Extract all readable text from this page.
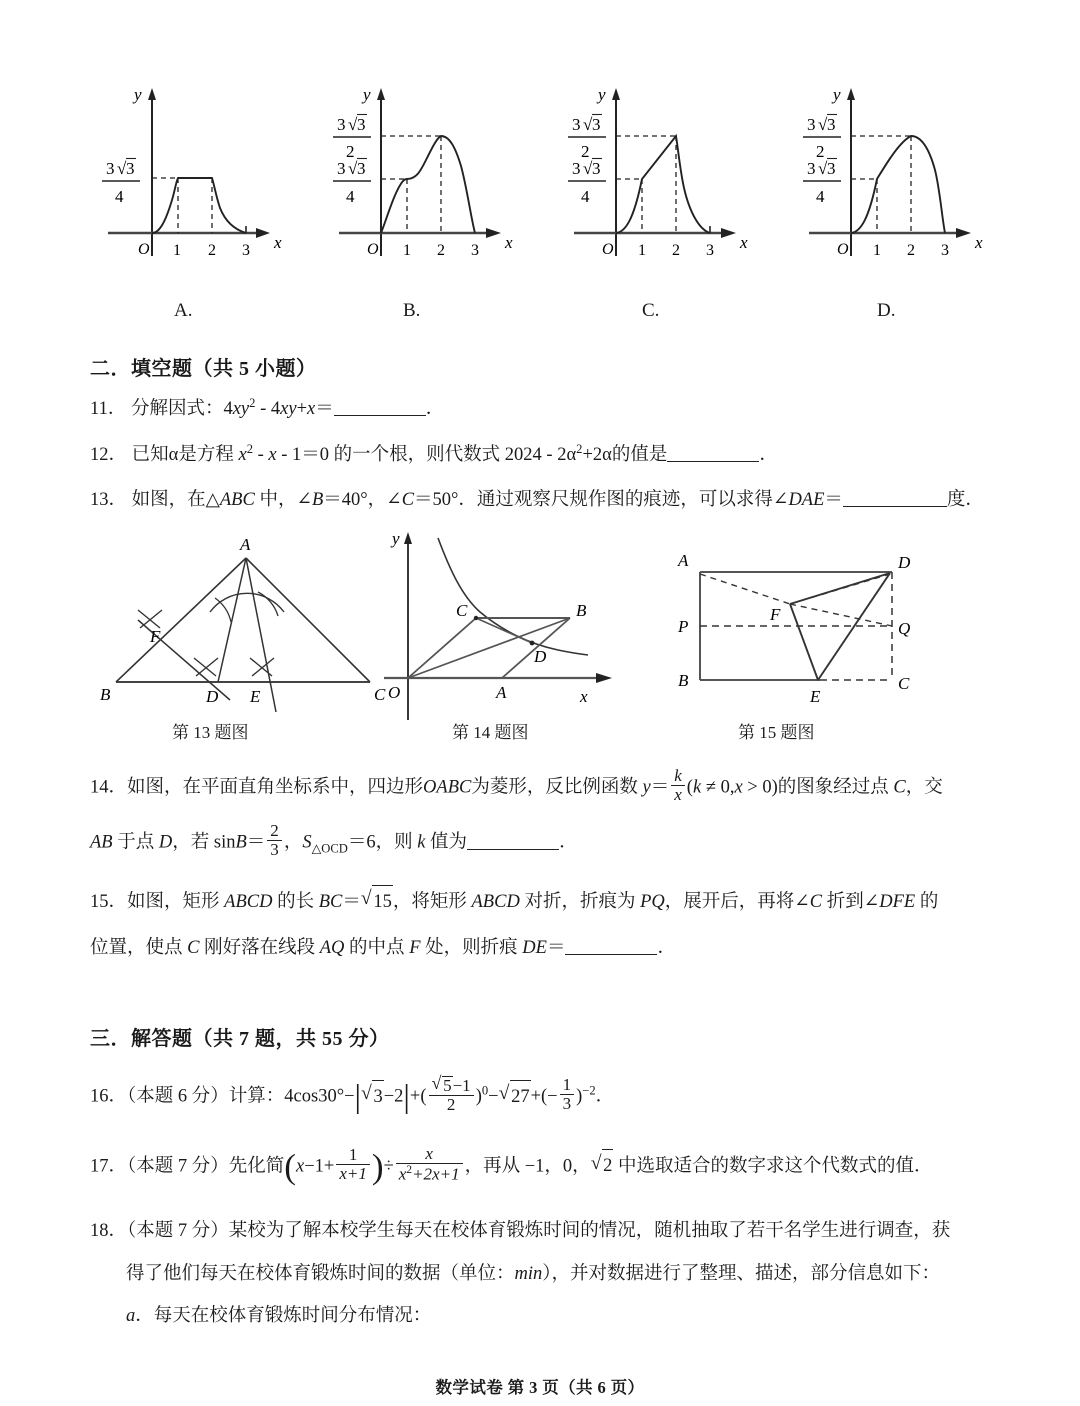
y
x
O 1 2 3
3 √ 3
4
A.
y
x
O 1 2 3
3 √ 3
2
3 √ 3
4
B.
y
x
O 1 2 3
3 √ 3
2
3 √ 3
4
C.
y
x
O 1 2 3
3 √ 3
2
3 √ 3
4
D.
二．填空题（共 5 小题）
11． 分解因式：$4xy^2 - 4xy+x=$	．
12． 已知α是方程 $x^2 - x - 1=0$ 的一个根，则代数式 $2024 - 2\alpha^2+2\alpha$的值是	．
13． 如图，在△ABC 中，∠B＝40°，∠C＝50°．通过观察尺规作图的痕迹，可以求得∠DAE＝	度．
A
B	C
D E
F
y
x
O
C	B
D
A
A	D
P	Q
B	C
F
E
第 13 题图	第 14 题图	第 15 题图
14．如图，在平面直角坐标系中，四边形OABC为菱形，反比例函数 $y= \frac{k}{x} (k \ne 0,x > 0)$的图象经过点 C，交
AB 于点 D，若 $\sin B= \frac{2}{3}$ ，$S_{\triangle OCD}=6$，则 k 值为	．
15．如图，矩形 ABCD 的长 BC＝ √ 15，将矩形 ABCD 对折，折痕为 PQ，展开后，再将∠C 折到∠DFE 的
位置，使点 C 刚好落在线段 AQ 的中点 F 处，则折痕 DE＝	．
三．解答题（共 7 题，共 55 分）
16．（本题 6 分）计算：4cos30°−| √ 3−2|+( √ $\frac{5-1}{2} )^0-$ √ $27+(- \frac{1}{3} )^{-2}$．
17．（本题 7 分）先化简($x-1+ \frac{1}{x+1}$ )÷ $\frac{x}{x^2+2x+1}$ ，再从 −1，0， √ 2 中选取适合的数字求这个代数式的值．
18．（本题 7 分）某校为了解本校学生每天在校体育锻炼时间的情况，随机抽取了若干名学生进行调查，获
得了他们每天在校体育锻炼时间的数据（单位：min），并对数据进行了整理、描述，部分信息如下：
a．每天在校体育锻炼时间分布情况：
数学试卷 第 3 页（共 6 页）
